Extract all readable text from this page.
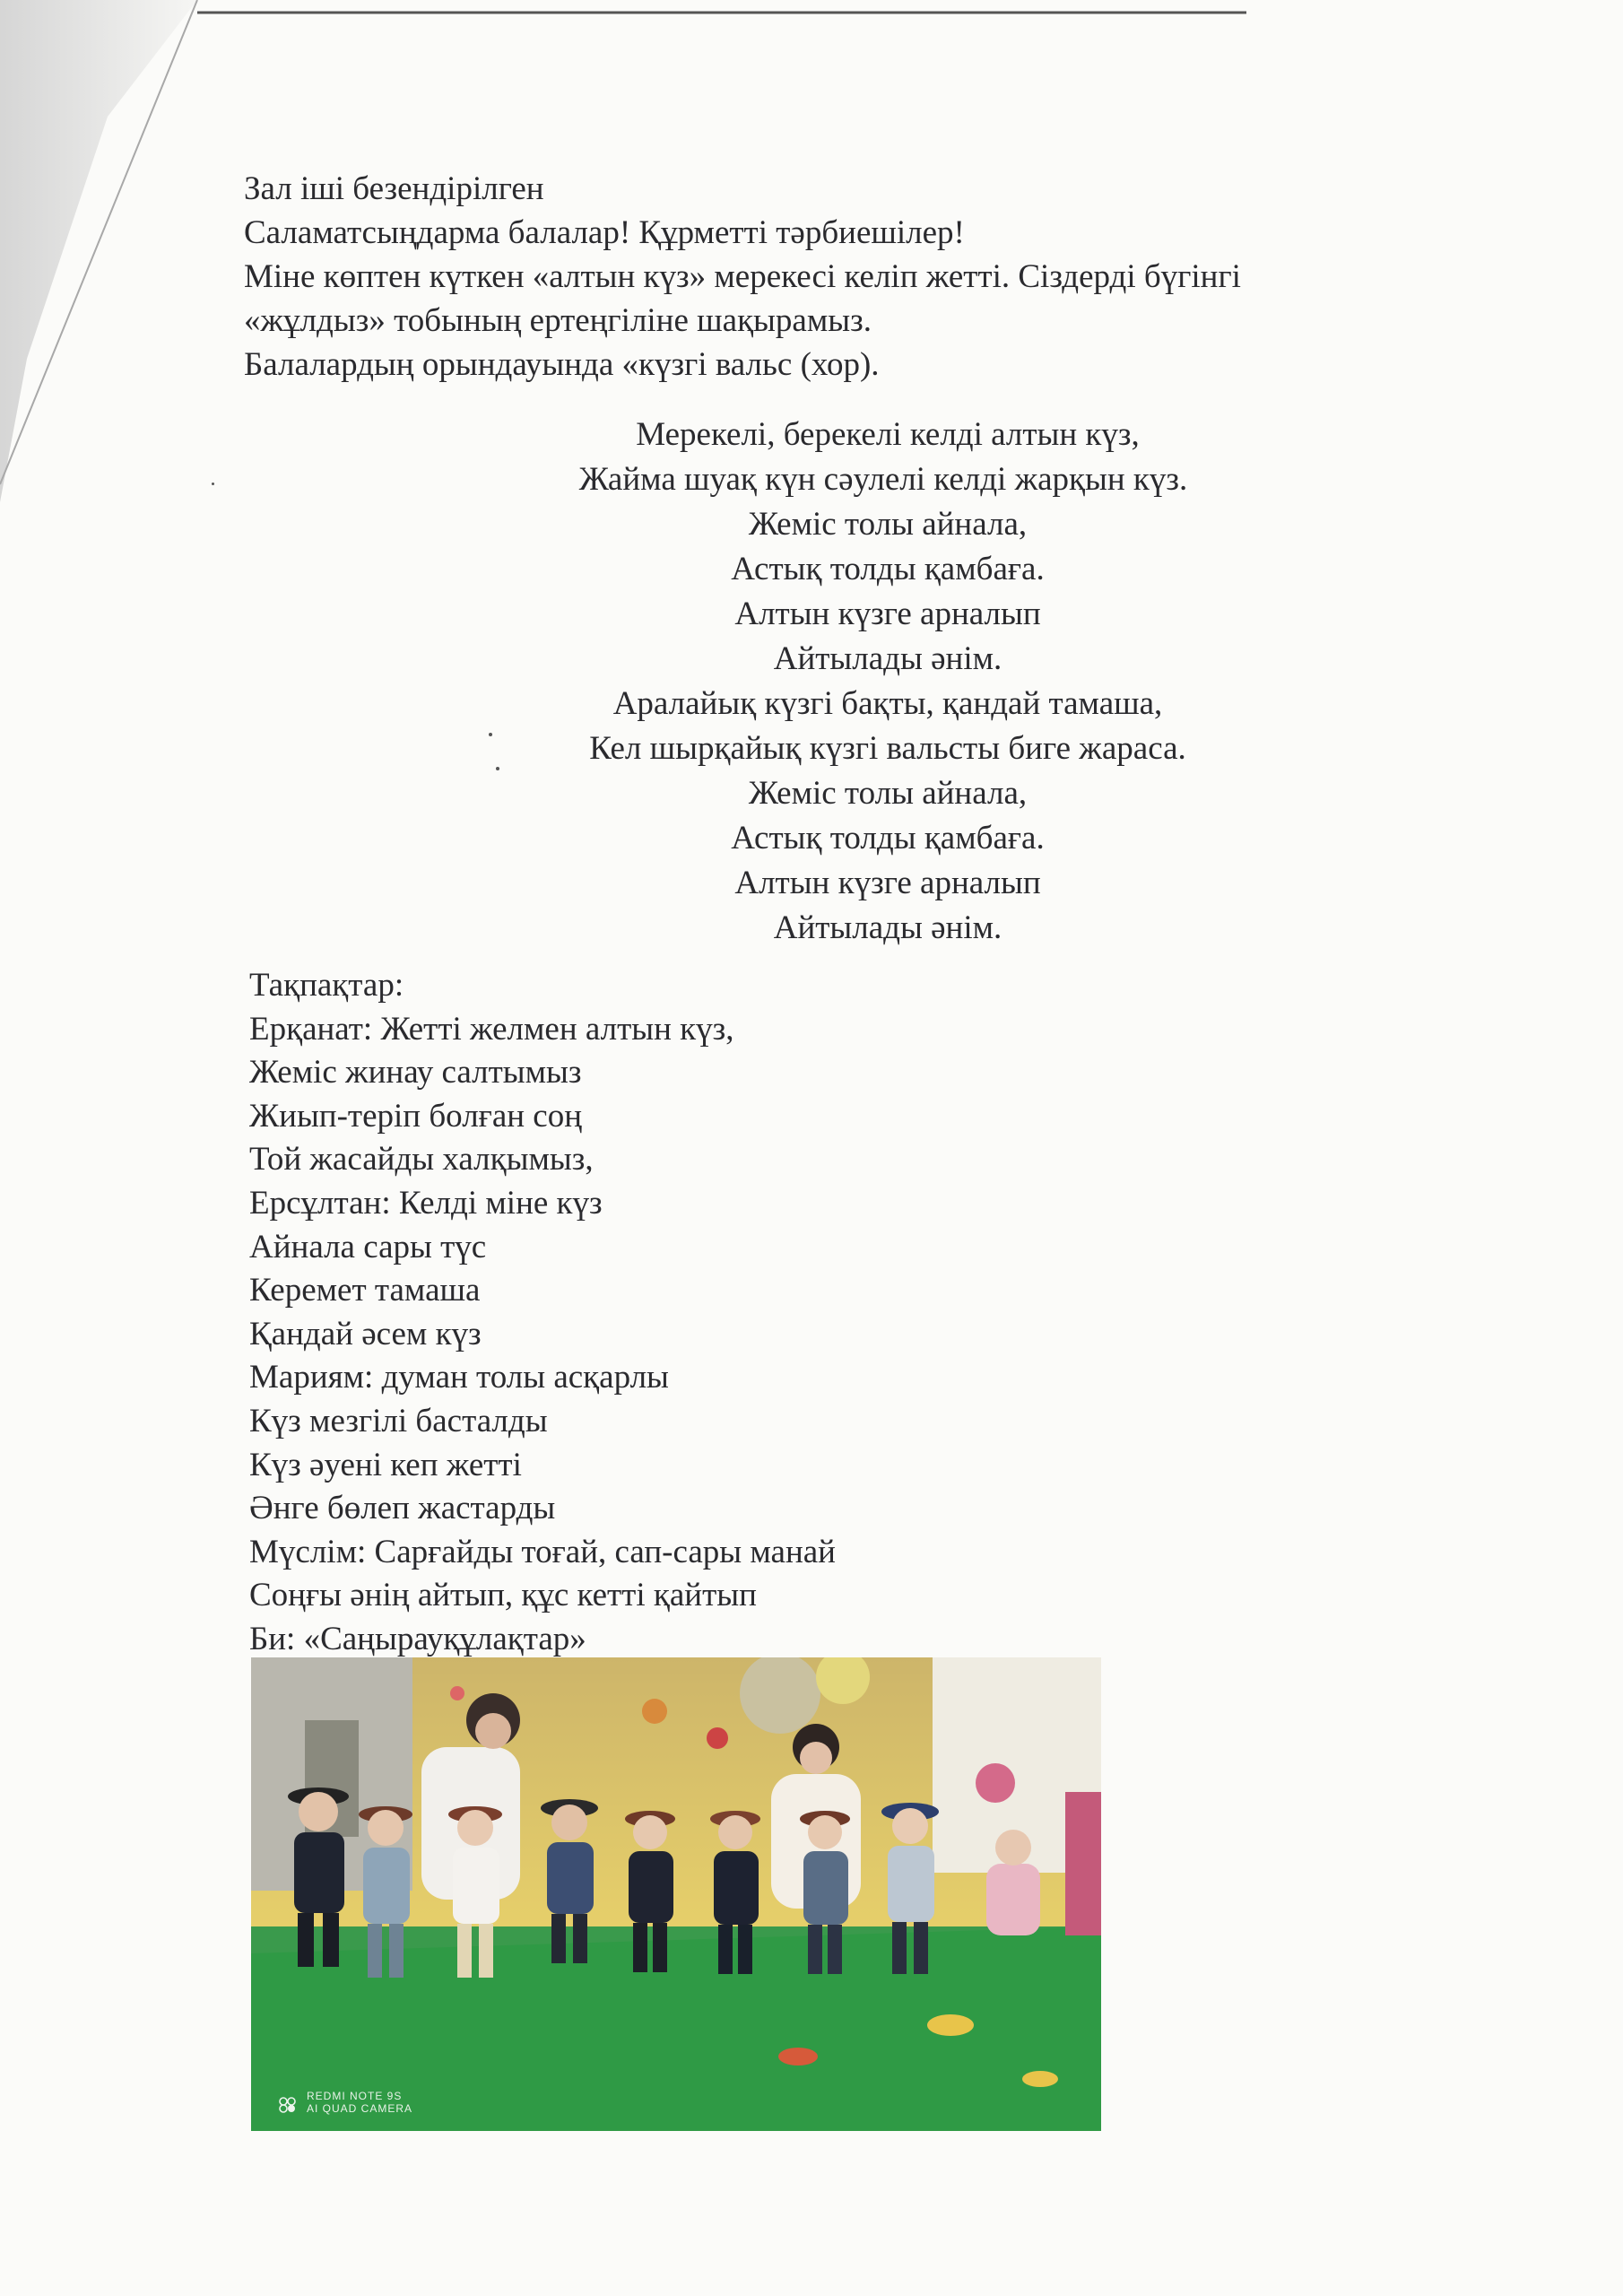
Зал іші безендірілген
Саламатсыңдарма балалар! Құрметті тәрбиешілер!
Міне көптен күткен «алтын күз» мерекесі келіп жетті. Сіздерді бүгінгі
«жұлдыз» тобының ертеңгіліне шақырамыз.
Балалардың орындауында «күзгі вальс (хор).
Мерекелі, берекелі келді алтын күз,
Жайма шуақ күн сәулелі келді жарқын күз.
Жеміс толы айнала,
Астық толды қамбаға.
Алтын күзге арналып
Айтылады әнім.
Аралайық күзгі бақты, қандай тамаша,
Кел шырқайық күзгі вальсты биге жараса.
Жеміс толы айнала,
Астық толды қамбаға.
Алтын күзге арналып
Айтылады әнім.
Тақпақтар:
Ерқанат: Жетті желмен алтын күз,
Жеміс жинау салтымыз
Жиып-теріп болған соң
Той жасайды халқымыз,
Ерсұлтан: Келді міне күз
Айнала сары түс
Керемет тамаша
Қандай әсем күз
Мариям: думан толы асқарлы
Күз мезгілі басталды
Күз әуені кеп жетті
Әнге бөлеп жастарды
Мүслім: Сарғайды тоғай, сап-сары манай
Соңғы әнің айтып, құс кетті қайтып
Би: «Саңырауқұлақтар»
REDMI NOTE 9S
AI QUAD CAMERA
